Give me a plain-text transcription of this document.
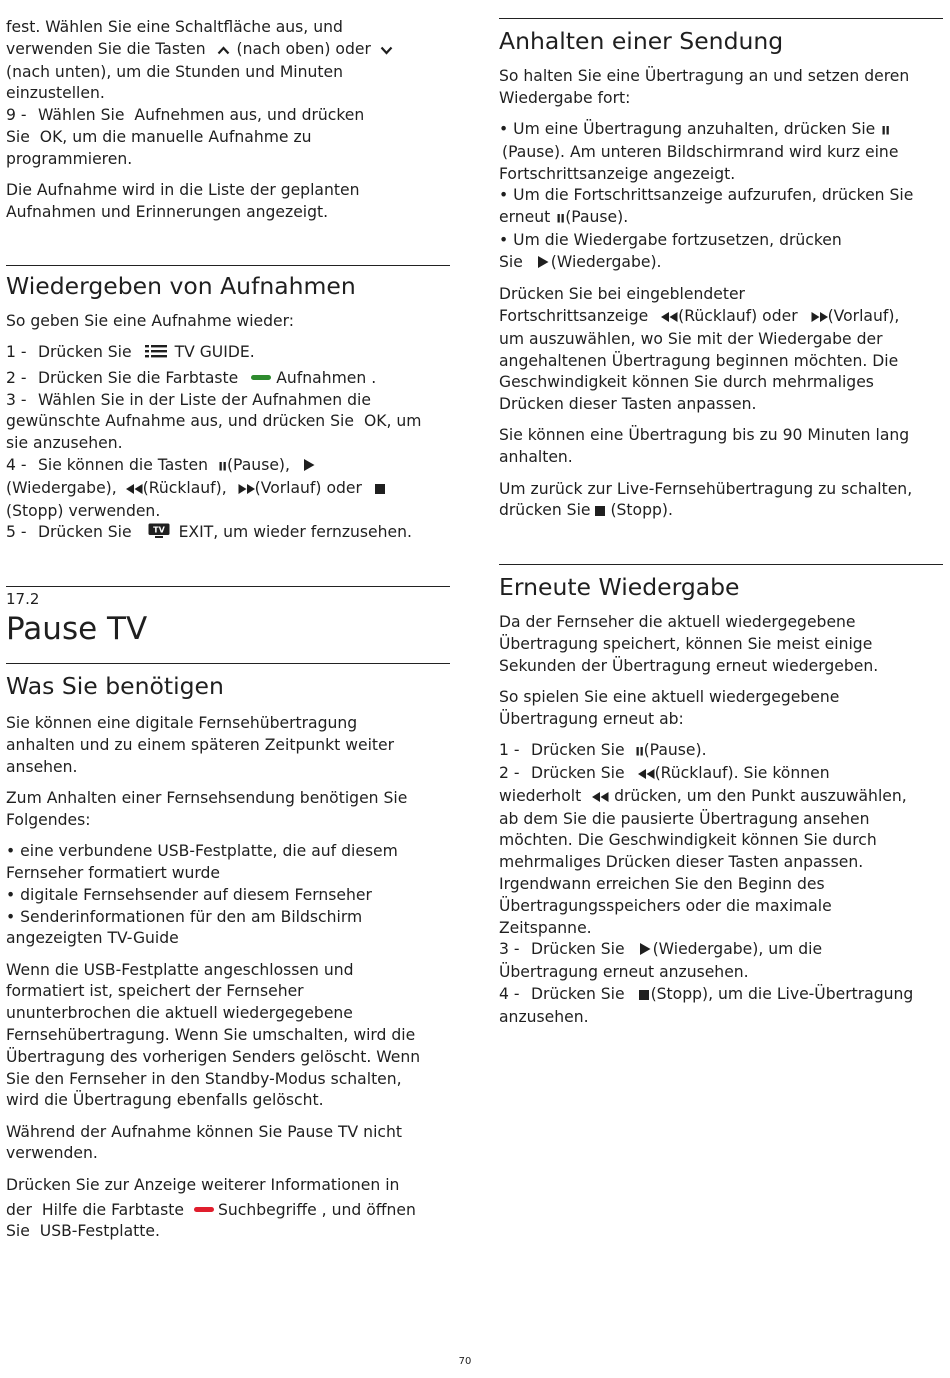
fest. Wählen Sie eine Schaltfläche aus, und

verwenden Sie die Tasten (nach oben) oder

(nach unten), um die Stunden und Minuten

einzustellen.

9 - Wählen Sie Aufnehmen aus, und drücken

Sie OK, um die manuelle Aufnahme zu

programmieren.

Die Aufnahme wird in die Liste der geplanten

Aufnahmen und Erinnerungen angezeigt.

Wiedergeben von Aufnahmen

So geben Sie eine Aufnahme wieder:

1 - Drücken Sie	TV GUIDE.

2 - Drücken Sie die Farbtaste Aufnahmen .

3 - Wählen Sie in der Liste der Aufnahmen die

gewünschte Aufnahme aus, und drücken Sie OK, um

sie anzusehen.

4 - Sie können die Tasten (Pause),

(Wiedergabe), (Rücklauf), (Vorlauf) oder

(Stopp) verwenden.

5 - Drücken Sie	TV EXIT, um wieder fernzusehen.

17.2
Pause TV
Was Sie benötigen

Sie können eine digitale Fernsehübertragung

anhalten und zu einem späteren Zeitpunkt weiter

ansehen.

Zum Anhalten einer Fernsehsendung benötigen Sie

Folgendes:

• eine verbundene USB-Festplatte, die auf diesem

Fernseher formatiert wurde

• digitale Fernsehsender auf diesem Fernseher

• Senderinformationen für den am Bildschirm

angezeigten TV-Guide

Wenn die USB-Festplatte angeschlossen und

formatiert ist, speichert der Fernseher

ununterbrochen die aktuell wiedergegebene

Fernsehübertragung. Wenn Sie umschalten, wird die

Übertragung des vorherigen Senders gelöscht. Wenn

Sie den Fernseher in den Standby-Modus schalten,

wird die Übertragung ebenfalls gelöscht.

Während der Aufnahme können Sie Pause TV nicht

verwenden.

Drücken Sie zur Anzeige weiterer Informationen in

der Hilfe die Farbtaste Suchbegriffe , und öffnen

Sie USB-Festplatte.

Anhalten einer Sendung

So halten Sie eine Übertragung an und setzen deren

Wiedergabe fort:

• Um eine Übertragung anzuhalten, drücken Sie

(Pause). Am unteren Bildschirmrand wird kurz eine

Fortschrittsanzeige angezeigt.

• Um die Fortschrittsanzeige aufzurufen, drücken Sie

erneut (Pause).

• Um die Wiedergabe fortzusetzen, drücken

Sie (Wiedergabe).

Drücken Sie bei eingeblendeter

Fortschrittsanzeige (Rücklauf) oder (Vorlauf),

um auszuwählen, wo Sie mit der Wiedergabe der

angehaltenen Übertragung beginnen möchten. Die

Geschwindigkeit können Sie durch mehrmaliges

Drücken dieser Tasten anpassen.

Sie können eine Übertragung bis zu 90 Minuten lang

anhalten.

Um zurück zur Live-Fernsehübertragung zu schalten,

drücken Sie (Stopp).

Erneute Wiedergabe

Da der Fernseher die aktuell wiedergegebene

Übertragung speichert, können Sie meist einige

Sekunden der Übertragung erneut wiedergeben.

So spielen Sie eine aktuell wiedergegebene

Übertragung erneut ab:

1 - Drücken Sie (Pause).

2 - Drücken Sie (Rücklauf). Sie können

wiederholt drücken, um den Punkt auszuwählen,

ab dem Sie die pausierte Übertragung ansehen

möchten. Die Geschwindigkeit können Sie durch

mehrmaliges Drücken dieser Tasten anpassen.

Irgendwann erreichen Sie den Beginn des

Übertragungsspeichers oder die maximale

Zeitspanne.

3 - Drücken Sie (Wiedergabe), um die

Übertragung erneut anzusehen.

4 - Drücken Sie (Stopp), um die Live-Übertragung

anzusehen.

70
